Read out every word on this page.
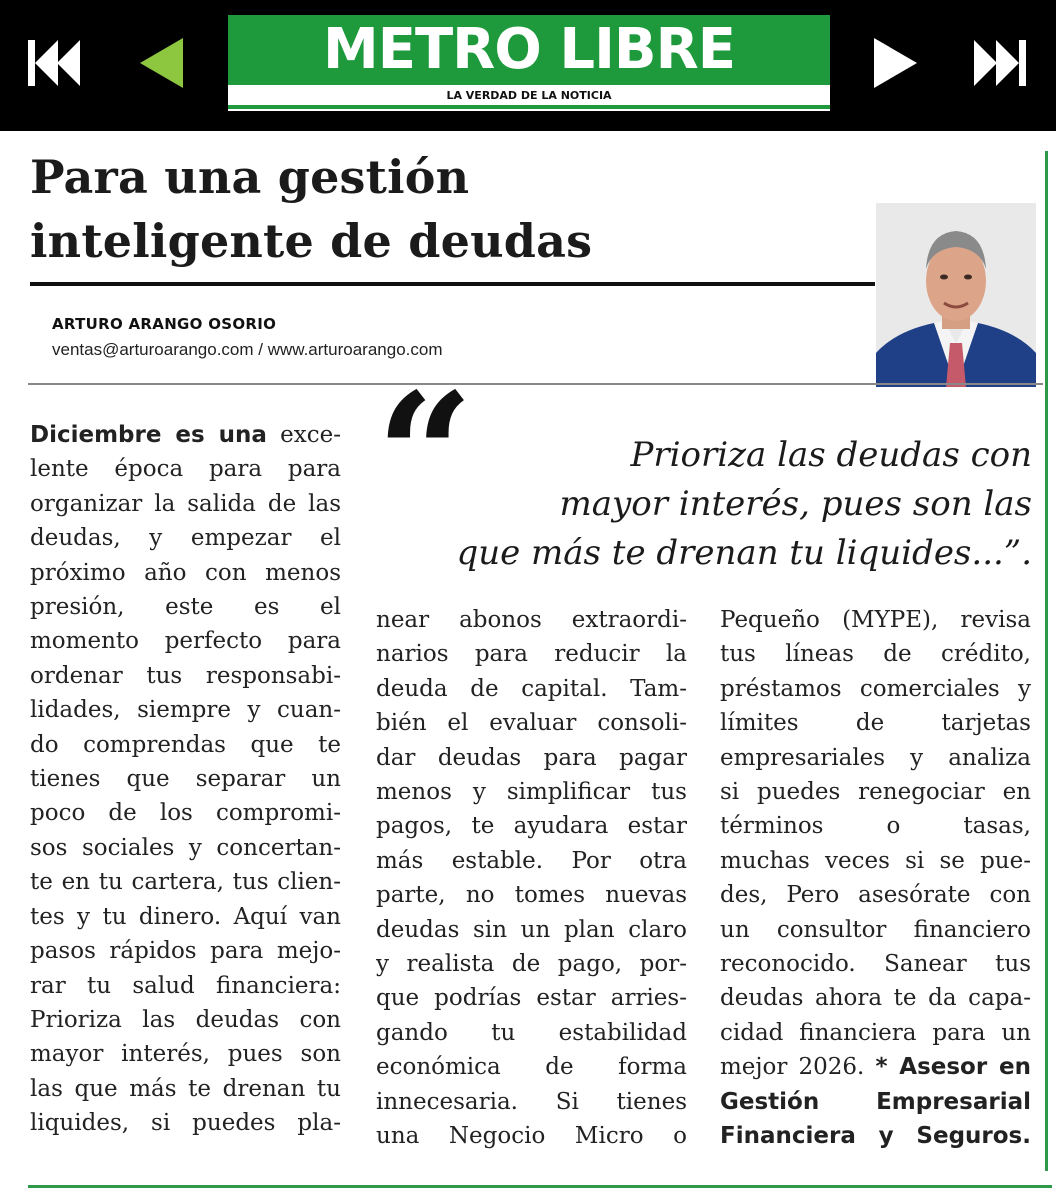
METRO LIBRE
LA VERDAD DE LA NOTICIA
Para una gestión
inteligente de deudas
ARTURO ARANGO OSORIO
ventas@arturoarango.com / www.arturoarango.com
Diciembre es una exce-
lente época para para
organizar la salida de las
deudas, y empezar el
próximo año con menos
presión, este es el
momento perfecto para
ordenar tus responsabi-
lidades, siempre y cuan-
do comprendas que te
tienes que separar un
poco de los compromi-
sos sociales y concertan-
te en tu cartera, tus clien-
tes y tu dinero. Aquí van
pasos rápidos para mejo-
rar tu salud financiera:
Prioriza las deudas con
mayor interés, pues son
las que más te drenan tu
liquides, si puedes pla-
“	Prioriza las deudas con
mayor interés, pues son las
que más te drenan tu liquides...”.
near abonos extraordi-
narios para reducir la
deuda de capital. Tam-
bién el evaluar consoli-
dar deudas para pagar
menos y simplificar tus
pagos, te ayudara estar
más estable. Por otra
parte, no tomes nuevas
deudas sin un plan claro
y realista de pago, por-
que podrías estar arries-
gando tu estabilidad
económica de forma
innecesaria. Si tienes
una Negocio Micro o
Pequeño (MYPE), revisa
tus líneas de crédito,
préstamos comerciales y
límites de tarjetas
empresariales y analiza
si puedes renegociar en
términos o tasas,
muchas veces si se pue-
des, Pero asesórate con
un consultor financiero
reconocido. Sanear tus
deudas ahora te da capa-
cidad financiera para un
mejor 2026. * Asesor en
Gestión Empresarial
Financiera y Seguros.
